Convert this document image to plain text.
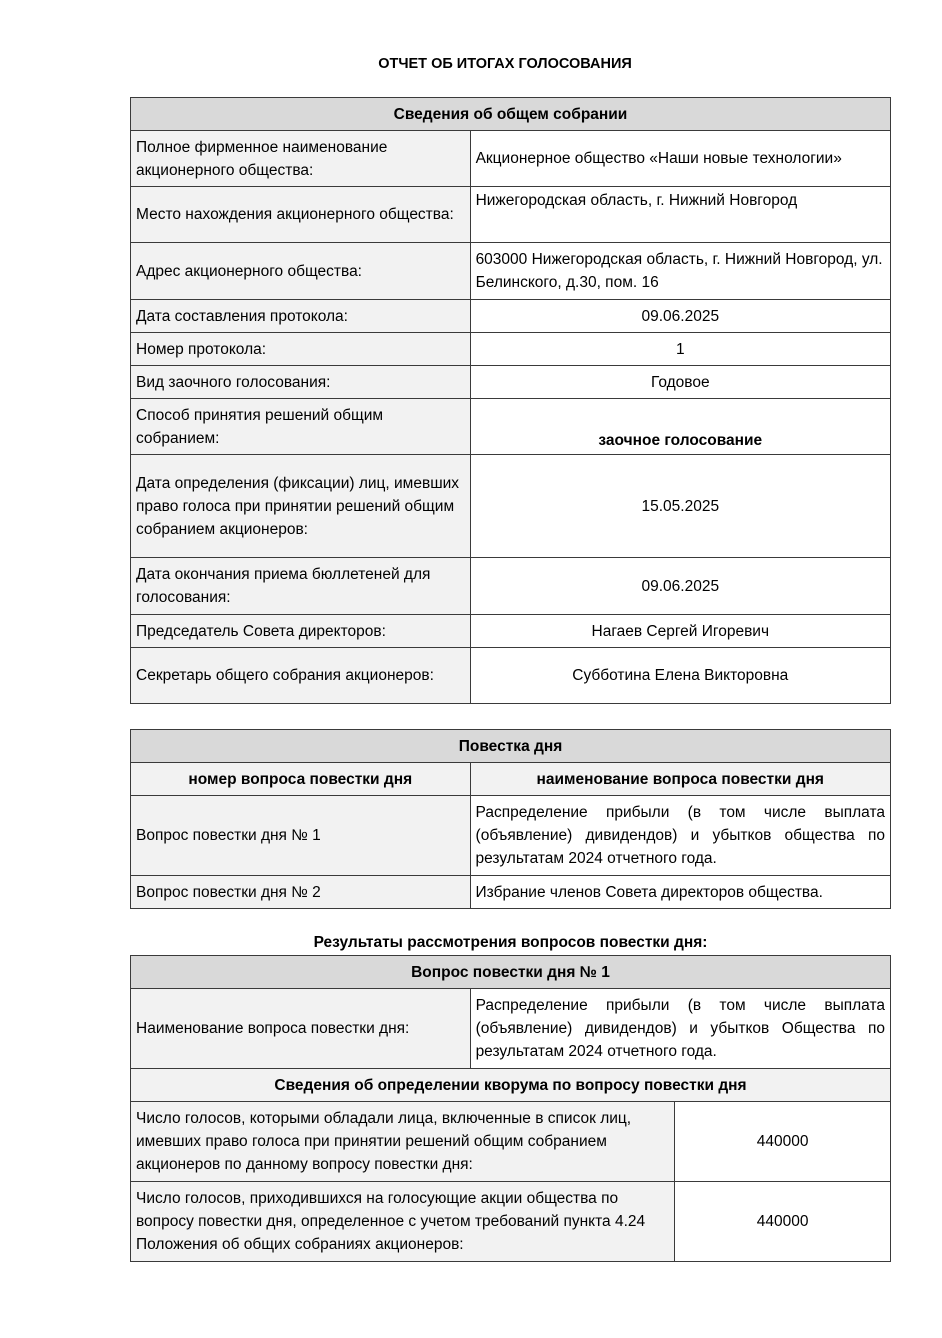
ОТЧЕТ ОБ ИТОГАХ ГОЛОСОВАНИЯ
Сведения об общем собрании	
Полное фирменное наименование акционерного общества:	Акционерное общество «Наши новые технологии»
Место нахождения акционерного общества:	Нижегородская область, г. Нижний Новгород
Адрес акционерного общества:	603000 Нижегородская область, г. Нижний Новгород, ул. Белинского, д.30, пом. 16
Дата составления протокола:	09.06.2025
Номер протокола:	1
Вид заочного голосования:	Годовое
Способ принятия решений общим собранием:	заочное голосование
Дата определения (фиксации) лиц, имевших право голоса при принятии решений общим собранием акционеров:	15.05.2025
Дата окончания приема бюллетеней для голосования:	09.06.2025
Председатель Совета директоров:	Нагаев Сергей Игоревич
Секретарь общего собрания акционеров:	Субботина Елена Викторовна
Повестка дня	
номер вопроса повестки дня	наименование вопроса повестки дня
Вопрос повестки дня № 1	Распределение прибыли (в том числе выплата (объявление) дивидендов) и убытков общества по результатам 2024 отчетного года.
Вопрос повестки дня № 2	Избрание членов Совета директоров общества.
Результаты рассмотрения вопросов повестки дня:
Вопрос повестки дня № 1		
Наименование вопроса повестки дня:	Распределение прибыли (в том числе выплата (объявление) дивидендов) и убытков Общества по результатам 2024 отчетного года.	
Сведения об определении кворума по вопросу повестки дня		
Число голосов, которыми обладали лица, включенные в список лиц, имевших право голоса при принятии решений общим собранием акционеров по данному вопросу повестки дня:		440000
Число голосов, приходившихся на голосующие акции общества по вопросу повестки дня, определенное с учетом требований пункта 4.24 Положения об общих собраниях акционеров:		440000
